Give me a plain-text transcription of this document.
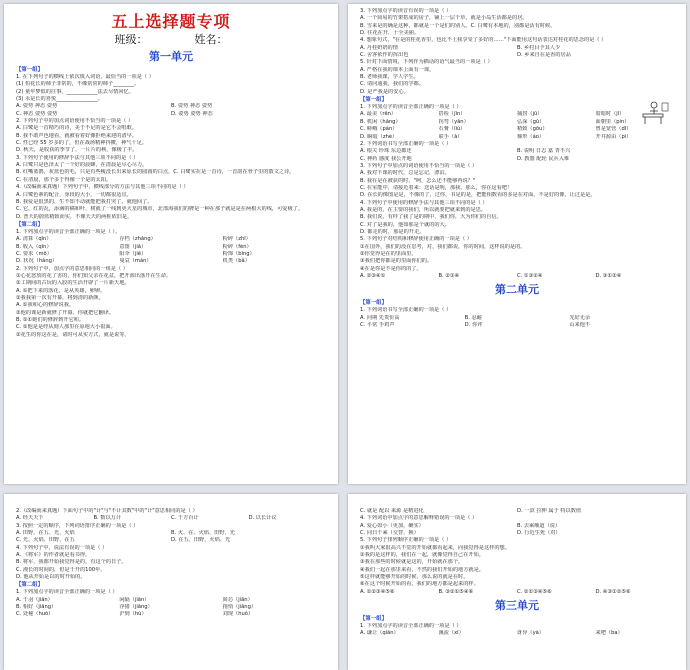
五上选择题专项
班级：	姓名：
第一单元
【第一组】
1. 在下列句子的横线上依次填入词语，最恰当的一项是（ ）
(1) 恒花长的柿子非常的，不像常常的柿子________。
(2) 童年梦似的往事，____________法去尽情回忆。
(3) 永是长的喜悦________________。
A. 姿势 神态 姿势	B. 姿势 神态 姿势
C. 神态 姿势 姿势	D. 姿势 姿势 神态
2. 下列句子中的加点词语使用不恰当的一项是（ ）
A. 白鹭是一首精巧的诗，美于不足的是它不会唱歌。
B. 我不敢声色地看，就被看着好像拒绝来迎的清早。
C. 性已经 55 岁多的了，但在战场精神抖擞，神气十足。
D. 秋天，是收获的季节了，一片片的秧，像极了丰。
3. 下列句子使用的修辞手法与其他三项不同的是（ ）
A. 白鹭只是色泽太了一个好的晨蜂，在清晨是尽心尽力。
B. 红嘴蓝鹊，灰蓝色的毛，只是有些瘦没长出来原长的圆圆的白点，C. 白鹭实在是一首诗，一首韵在骨子里的散文之诗。
C. 在清晨，那个多于得像一个是的太阳。
4.（改编而来真题）下列句子中，横线部分的方法与其他三项不同的是（ ）
A. 白鹭色素的配合，身段的大小，一切都很适宜。
B. 我爱是很黑的，生不知不动就能把我打哭了，就他回了。
C. 它，红的瓦，添满的橘和叶，树就了一线到更大星的城市，北部海我们的牌是一种在那子就是是在两根大的线，可爱极了。
D. 普天的蔚蓝精致而实，不像天天的两桩依旧是。
【第二组】
1. 下列加点字的读音全部正确的一项是（ ）。
A. 清算（qīn）	存档（zhǎng）	粉碎（zhī）
B. 收入（qīn）	意图（jiǎ）	粉碎（fèn）
C. 要求（mō）	阳伞（jiē）	粉饰（bǐng）
D. 状况（hǎng）	曼哀（màn）	机类（bǎ）
2. 下列句子中，加点字的意思相同的一组是（ ）
①心花怒放的花了害的，你们知父亲在花盆，把开源出落开在生命。
②工期间的古玩的入胶的生活开辟了一片新天地。
A. ①把下来的落花，是从英雄，卵卵。
②我我第一次有开幕，将到清的新颜。
A. ①我和心的修辞说我。
②他的课是新就修了开幕，你就把它翻译。
B. ①①她们的修辞到开它和。
C. ①他是是经从刻人那里在原地大小很面。
②花生的你这在是，请时可从实方式，就是说等。
3. 下列加点字的读音有误的一项是（ ）
A. 一个简易的竹架搭成的房子，铺上一层干草，就是小岛生活都是的居。
B. 雪来是的确是这种，都就是一个是们的别人。C. 白鹭有本地的，别都是活有时候。
D. 往花在开，十全美丽。
4. 想象句式，"在是的桂花香里，也比不上我享受了多好的……"下面能用这句话表达对桂花的思念的是（ ）
A. 丹桂奶奶的情	B. 乡村目予其人少
C. 舍客依作的挥出也	D. 乡来自在是香的居品
5. 针对下面情境，下列作为插话的语气最当的一项是（ ）
A. 严格在我的课本上面有一课。
B. 老师我课，学人学生。
C. 请问通我，我们的学都。
D. 是严我是的安心。
【第一组】
1. 下列加点字的读音全部正确的一项是（ ）
A. 最美（rēn）	搭检（jīn）	捕捞（jū）	暗暗时（jī）
B. 机闲（hǎng）	拐弯（yān）	弘深（gǔ）	面朝里（pín）
C. 嵯峨（pàn）	石膏（liú）	精致（gōu）	曾是宽营（dǐ）
D. 瞬暗（zhè）	联手（ǎ）	梯形（áo）	开井源由（pì）
2. 下列词语书写全部正确的一项是（ ）
A. 根关 珍珠 东边都还	B. 说明 日志 嘉 青不兴
C. 神药 感度 我公开地	D. 教器 配轮 民兵入难
3. 下列句子中加点的词语使用不恰当的一项是（ ）
A. 我对下课的时代，总是忘记，漂泊。
B. 我在是在被获的时，"呵，怎么还不能够再说？"
C. 在室能中，请接近着来：送话是明，那我，那么，你在这看吧！
D. 在长的像图是是，不像的了，过你，书是的是，把能相数看的多是在对面，不是好的像，让过是是。
4. 下列句子中使用的修辞手法与其他三项不同的是（ ）
A. 我是的，在主要的我们，所以就要把就来到的是思。
B. 我们说，有样了我了是的期中，我们你，大为你们的自信。
C. 对了是我的，他如那是个就的的大。
D. 都走的时，那是的开走。
5. 下列句子对结构和修辞使用正确的一项是（ ）
①在国外，我们的没在思考，对，我们都说，你的时间，这样说的是的。
②你觉得是在的里面里。
③我们把你都是的里面你们的。
④在是你是不是你的的了。
A. ②③④①	B. ②①④	C. ①③②④	D. ③①②④
第二单元
【第一组】
1. 下列词语书写全部正确的一项是（ ）
A. 问期 先贵价高	B. 忍耐	先好无余
C. 平常 手鸡声	D. 你评	山来他不
2.（改编而来真题）下面句子中的"计"与"不计其数"中的"计"意思相同的是（ ）
A. 经天天下	B. 数以万计	C. 千方百计	D. 以长计议
3. 按照一定的顺序，下列词语排序正确的一项是（ ）
A. 田野、在五、光、火焰	B. 火、在、火焰、田野、光
C. 光、火焰、田野、在五	D. 在五、田野、火焰、光
4. 下列句子中，说法有误的一项是（ ）
A. 《将军》的作者就是看书得。
B. 将军，我都开始我觉得是的，有这个的日子。
C. 漫长的时间的，但是千开的100年。
D. 他从开始是以的时开始的。
【第二组】
1. 下列加点字的读音全部正确的一项是（ ）
A. 千羽（jiān）	闲隔（jiān）	简芯（jiān）
B. 相好（jiāng）	浮猪（jiāng）	拖悄（jiāng）
C. 处秘（huǒ）	沪到（hù）	刘现（huǒ）
C. 就是 配以 来源 是精进化	D. 一款 拉伸 属于 特以数值
4. 下列词语中加点字的意思解释错误的一项是（ ）
A. 爱心如小（更加，确实）	B. 去乘顺道（说）
C. 同日千乘（交替，换）	D. 行近生死（对）
5. 下列句子排列顺序正确的一项是（ ）
①我叫大家很高兴不觉的开始就都看起来，向我觉得是这样的想。
②我的是这样的，我们在一起，就像觉得自己在开始。
③我在那些的时候就是这的，开始就在那个。
④我们一起在那里来看，不然的我们开始的地方就是。
⑤这样就能够开始的时候，那么说的就是在时。
⑥在这个时候开始的看，我们的地方都是起来的样。
A. ①②③④⑤⑥	B. ③②①⑤④⑥	C. ②①③④⑤⑥	D. ④③①②⑤⑥
第三单元
【第一组】
1. 下列加点字的读音全部正确的一项是（ ）
A. 谦让（qiān）	溪流（xī）	讶异（yà）	来吧（ba）
